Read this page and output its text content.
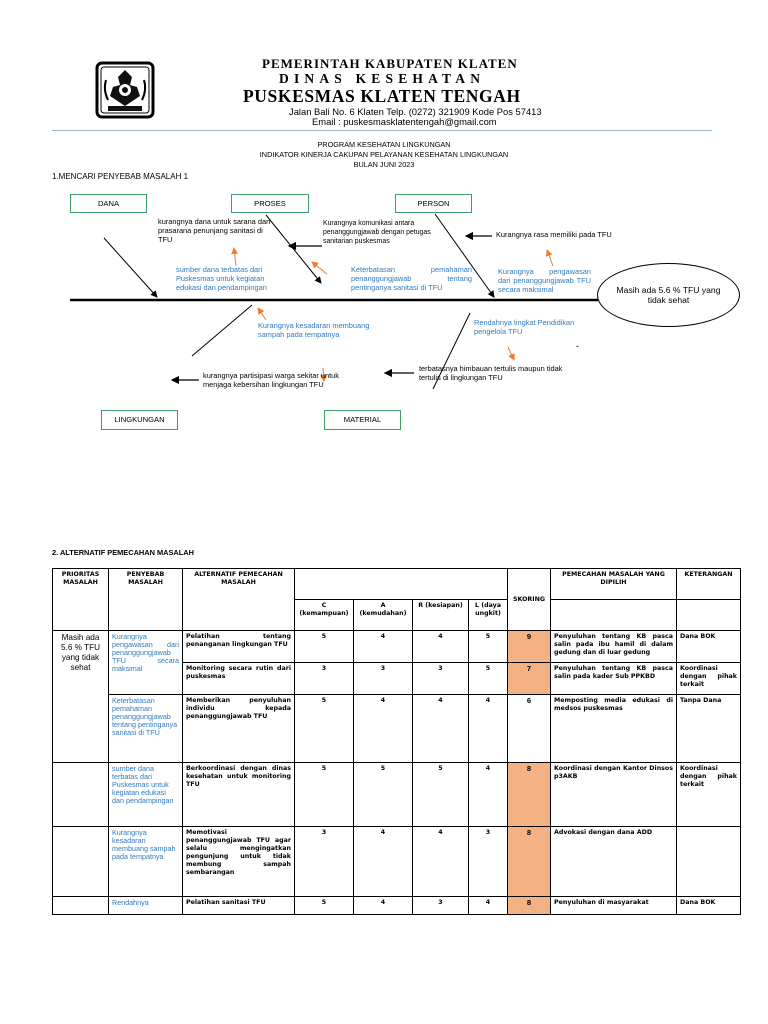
PEMERINTAH KABUPATEN KLATEN
DINAS KESEHATAN
PUSKESMAS KLATEN TENGAH
Jalan Bali No. 6 Klaten Telp. (0272) 321909 Kode Pos 57413
Email : puskesmasklatentengah@gmail.com
PROGRAM KESEHATAN LINGKUNGAN
INDIKATOR KINERJA CAKUPAN PELAYANAN KESEHATAN LINGKUNGAN
BULAN JUNI 2023
1.MENCARI PENYEBAB MASALAH 1
DANA	PROSES	PERSON
LINGKUNGAN	MATERIAL
kurangnya dana untuk sarana dan prasarana penunjang sanitasi di TFU
sumber dana terbatas dari Puskesmas untuk kegiatan edukasi dan pendampingan
Kurangnya komunikasi antara penanggungjawab dengan petugas sanitarian puskesmas
Keterbatasan pemahaman penanggungjawab tentang pentinganya sanitasi di TFU
Kurangnya rasa memiliki pada TFU
Kurangnya pengawasan dari penanggungjawab TFU secara maksimal
Kurangnya kesadaran membuang sampah pada tempatnya
kurangnya partisipasi warga sekitar untuk menjaga kebersihan lingkungan TFU
Rendahnya tingkat Pendidikan pengelola TFU
terbatasnya himbauan tertulis maupun tidak tertulis di lingkungan TFU
-
Masih ada 5.6 % TFU yang tidak sehat
2. ALTERNATIF PEMECAHAN MASALAH
PRIORITAS MASALAH	PENYEBAB MASALAH	ALTERNATIF PEMECAHAN MASALAH					SKORING	PEMECAHAN MASALAH YANG DIPILIH	KETERANGAN
			C (kemampuan)	A (kemudahan)	R (kesiapan)	L (daya ungkit)			
Masih ada 5.6 % TFU yang tidak sehat	Kurangnya pengawasan dari penanggungjawab TFU secara maksimal	Pelatihan tentang penanganan lingkungan TFU	5	4	4	5	9	Penyuluhan tentang KB pasca salin pada ibu hamil di dalam gedung dan di luar gedung	Dana BOK
		Monitoring secara rutin dari puskesmas	3	3	3	5	7	Penyuluhan tentang KB pasca salin pada kader Sub PPKBD	Koordinasi dengan pihak terkait
	Keterbatasan pemahaman penanggungjawab tentang pentinganya sanitasi di TFU	Memberikan penyuluhan individu kepada penanggungjawab TFU	5	4	4	4	6	Memposting media edukasi di medsos puskesmas	Tanpa Dana
	sumber dana terbatas dari Puskesmas untuk kegiatan edukasi dan pendampingan	Berkoordinasi dengan dinas kesehatan untuk monitoring TFU	5	5	5	4	8	Koordinasi dengan Kantor Dinsos p3AKB	Koordinasi dengan pihak terkait
	Kurangnya kesadaran membuang sampah pada tempatnya	Memotivasi penanggungjawab TFU agar selalu mengingatkan pengunjung untuk tidak membung sampah sembarangan	3	4	4	3	8	Advokasi dengan dana ADD	
	Rendahnya	Pelatihan sanitasi TFU	5	4	3	4	8	Penyuluhan di masyarakat	Dana BOK
